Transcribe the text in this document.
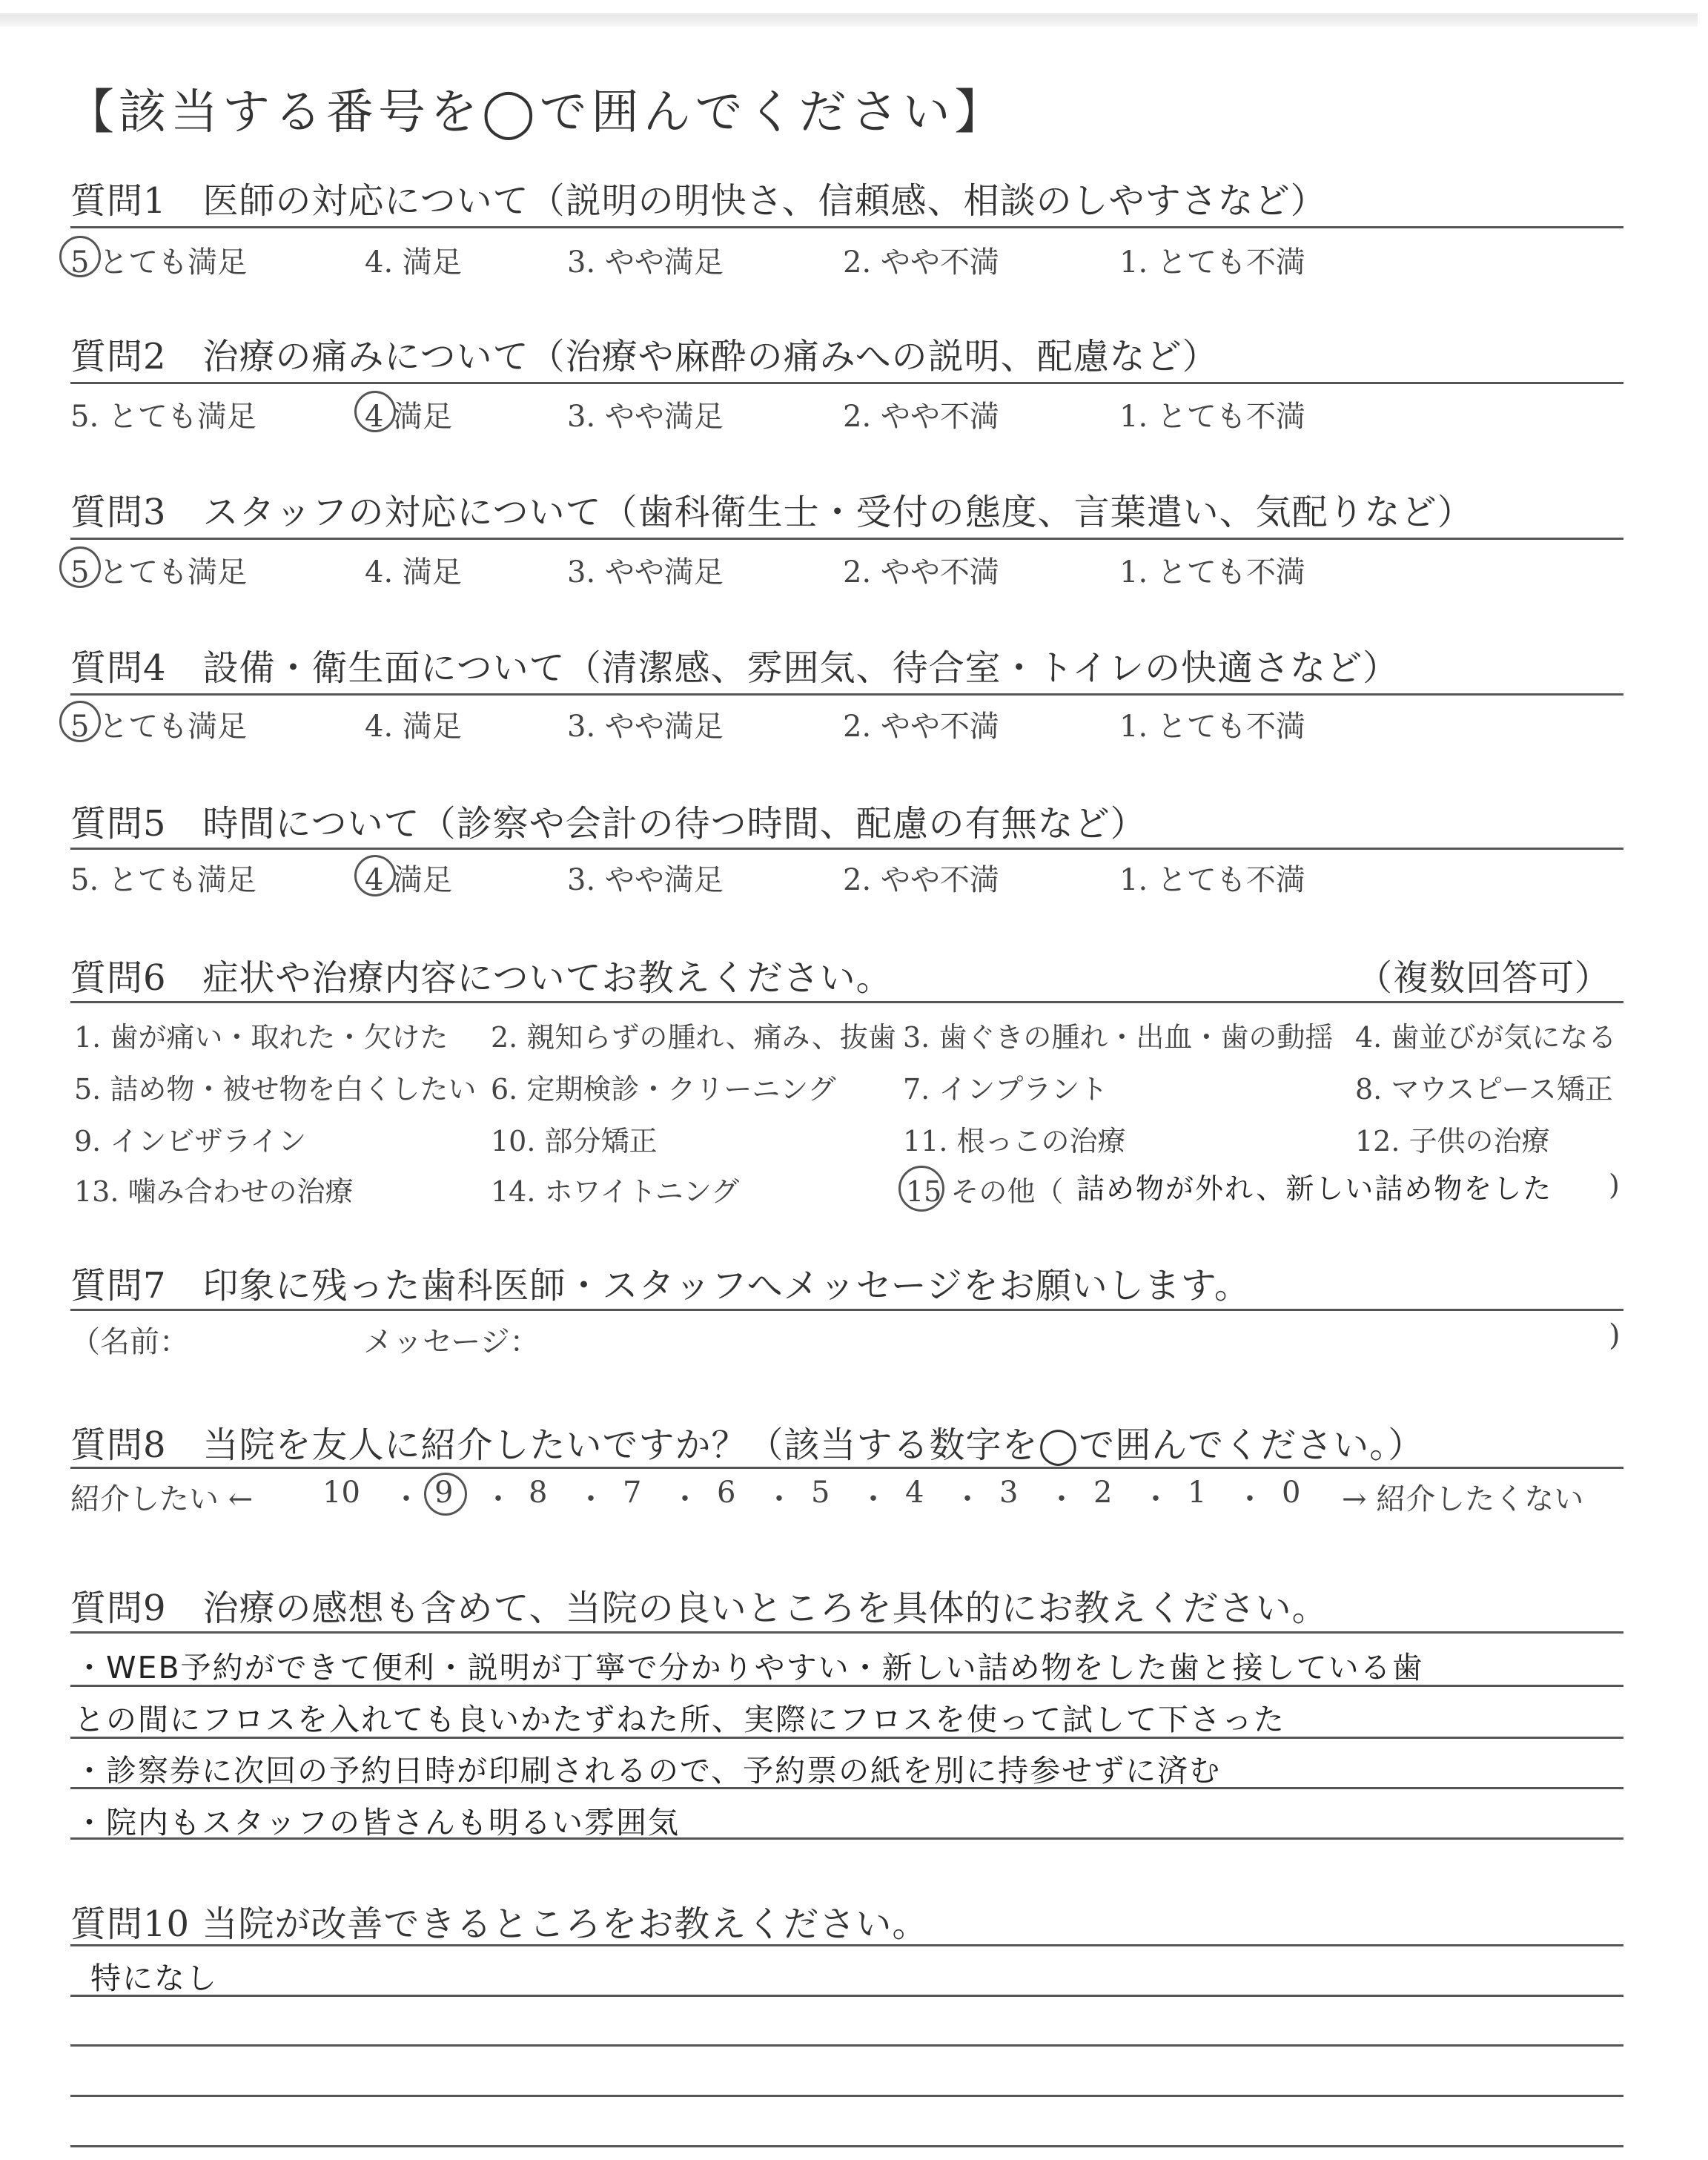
【該当する番号を◯で囲んでください】
質問1　医師の対応について（説明の明快さ、信頼感、相談のしやすさなど）
5 とても満足	4. 満足	3. やや満足	2. やや不満	1. とても不満
質問2　治療の痛みについて（治療や麻酔の痛みへの説明、配慮など）
5. とても満足	4 満足	3. やや満足	2. やや不満	1. とても不満
質問3　スタッフの対応について（歯科衛生士・受付の態度、言葉遣い、気配りなど）
5 とても満足	4. 満足	3. やや満足	2. やや不満	1. とても不満
質問4　設備・衛生面について（清潔感、雰囲気、待合室・トイレの快適さなど）
5 とても満足	4. 満足	3. やや満足	2. やや不満	1. とても不満
質問5　時間について（診察や会計の待つ時間、配慮の有無など）
5. とても満足	4 満足	3. やや満足	2. やや不満	1. とても不満
質問6　症状や治療内容についてお教えください。	（複数回答可）
1. 歯が痛い・取れた・欠けた 2. 親知らずの腫れ、痛み、抜歯 3. 歯ぐきの腫れ・出血・歯の動揺 4. 歯並びが気になる
5. 詰め物・被せ物を白くしたい 6. 定期検診・クリーニング 7. インプラント	8. マウスピース矯正
9. インビザライン	10. 部分矯正	11. 根っこの治療	12. 子供の治療
13. 噛み合わせの治療	14. ホワイトニング	15 その他（ 詰め物が外れ、新しい詰め物をした )
質問7　印象に残った歯科医師・スタッフへメッセージをお願いします。
（名前：	メッセージ：	)
質問8　当院を友人に紹介したいですか？（該当する数字を◯で囲んでください。）
紹介したい ← 10 ・ 9 ・ 8 ・ 7 ・ 6 ・ 5 ・ 4 ・ 3 ・ 2 ・ 1 ・ 0 → 紹介したくない
質問9　治療の感想も含めて、当院の良いところを具体的にお教えください。
・WEB予約ができて便利・説明が丁寧で分かりやすい・新しい詰め物をした歯と接している歯
との間にフロスを入れても良いかたずねた所、実際にフロスを使って試して下さった
・診察券に次回の予約日時が印刷されるので、予約票の紙を別に持参せずに済む
・院内もスタッフの皆さんも明るい雰囲気
質問10 当院が改善できるところをお教えください。
特になし
